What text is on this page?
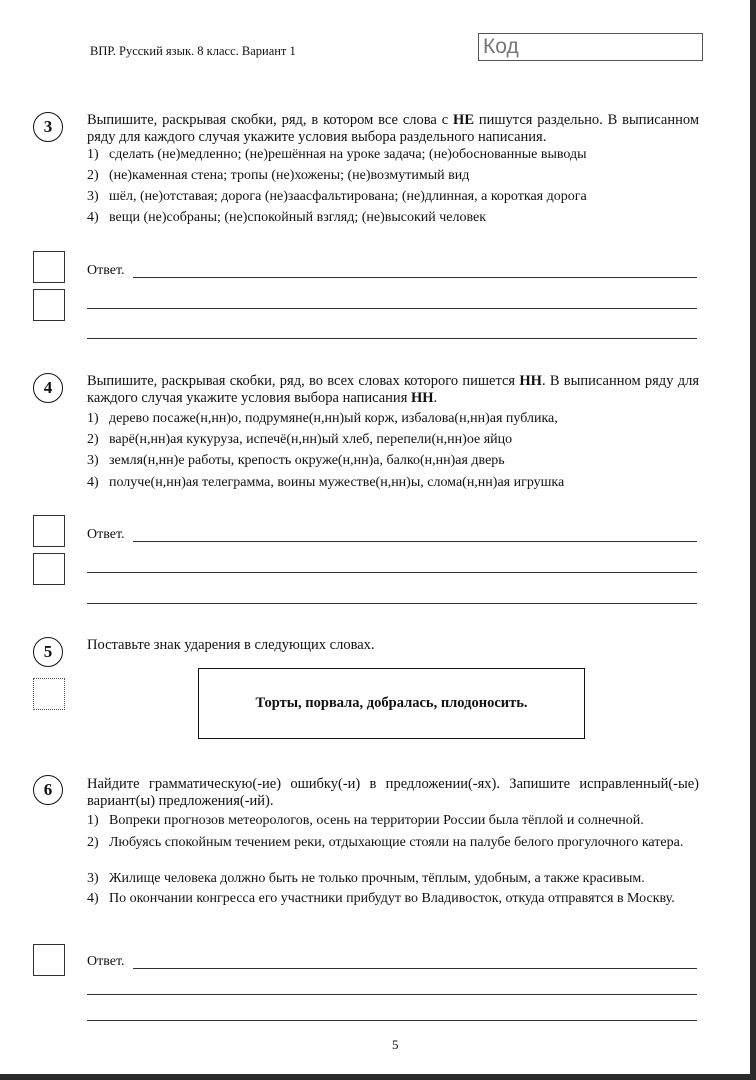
ВПР. Русский язык. 8 класс. Вариант 1	Код
3	Выпишите, раскрывая скобки, ряд, в котором все слова с НЕ пишутся раздельно. В выписанном ряду для каждого случая укажите условия выбора раздельного написания.
1) сделать (не)медленно; (не)решённая на уроке задача; (не)обоснованные выводы
2) (не)каменная стена; тропы (не)хожены; (не)возмутимый вид
3) шёл, (не)отставая; дорога (не)заасфальтирована; (не)длинная, а короткая дорога
4) вещи (не)собраны; (не)спокойный взгляд; (не)высокий человек
Ответ.
4	Выпишите, раскрывая скобки, ряд, во всех словах которого пишется НН. В выписанном ряду для каждого случая укажите условия выбора написания НН.
1) дерево посаже(н,нн)о, подрумяне(н,нн)ый корж, избалова(н,нн)ая публика,
2) варё(н,нн)ая кукуруза, испечё(н,нн)ый хлеб, перепели(н,нн)ое яйцо
3) земля(н,нн)е работы, крепость окруже(н,нн)а, балко(н,нн)ая дверь
4) получе(н,нн)ая телеграмма, воины мужестве(н,нн)ы, слома(н,нн)ая игрушка
Ответ.
5	Поставьте знак ударения в следующих словах.
Торты, порвала, добралась, плодоносить.
6	Найдите грамматическую(-ие) ошибку(-и) в предложении(-ях). Запишите исправленный(-ые) вариант(ы) предложения(-ий).
1) Вопреки прогнозов метеорологов, осень на территории России была тёплой и солнечной.
2) Любуясь спокойным течением реки, отдыхающие стояли на палубе белого прогулочного катера.
3) Жилище человека должно быть не только прочным, тёплым, удобным, а также красивым.
4) По окончании конгресса его участники прибудут во Владивосток, откуда отправятся в Москву.
Ответ.
5
